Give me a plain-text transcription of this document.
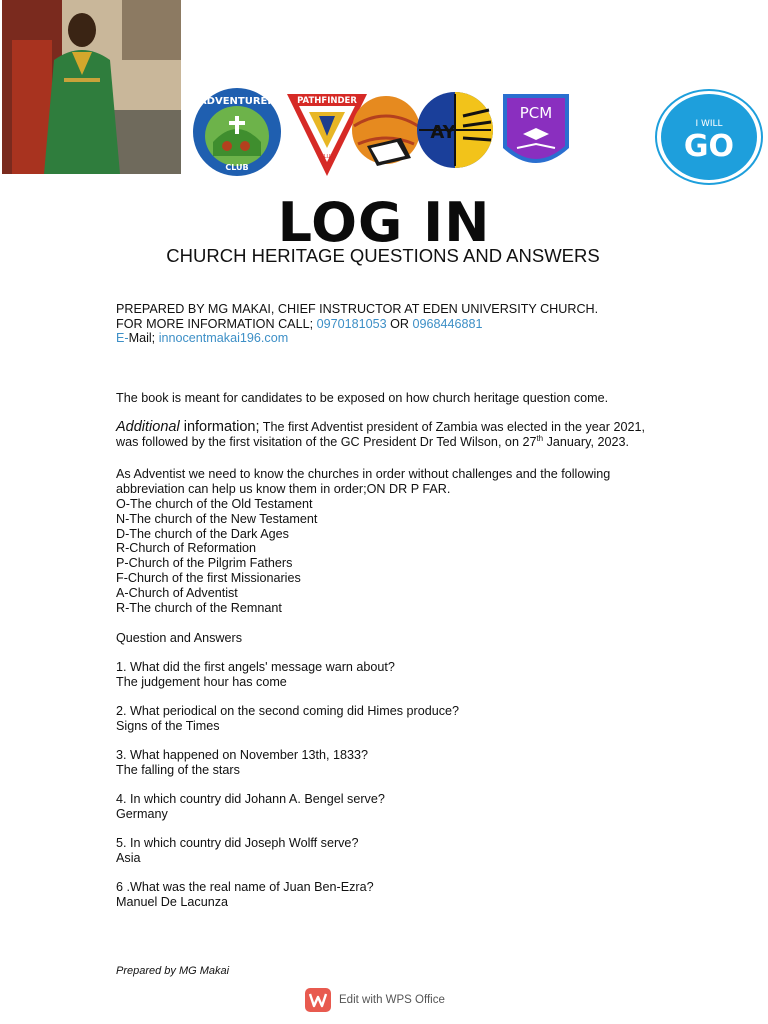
ADVENTURER
CLUB
PATHFINDER
CLUB
AY
PCM
I WILL
GO
LOG IN
CHURCH HERITAGE QUESTIONS AND ANSWERS
PREPARED BY MG MAKAI, CHIEF INSTRUCTOR AT EDEN UNIVERSITY CHURCH.
FOR MORE INFORMATION CALL; 0970181053 OR 0968446881
E-Mail; innocentmakai196.com
The book is meant for candidates to be exposed on how church heritage question come.
Additional information; The first Adventist president of Zambia was elected in the year 2021, was followed by the first visitation of the GC President Dr Ted Wilson, on 27th January, 2023.
As Adventist we need to know the churches in order without challenges and the following abbreviation can help us know them in order;ON DR P FAR.
O-The church of the Old Testament
N-The church of the New Testament
D-The church of the Dark Ages
R-Church of Reformation
P-Church of the Pilgrim Fathers
F-Church of the first Missionaries
A-Church of Adventist
R-The church of the Remnant
Question and Answers
1. What did the first angels' message warn about?
The judgement hour has come
2. What periodical on the second coming did Himes produce?
Signs of the Times
3. What happened on November 13th, 1833?
The falling of the stars
4. In which country did Johann A. Bengel serve?
Germany
5. In which country did Joseph Wolff serve?
Asia
6 .What was the real name of Juan Ben-Ezra?
Manuel De Lacunza
Prepared by MG Makai
Edit with WPS Office
